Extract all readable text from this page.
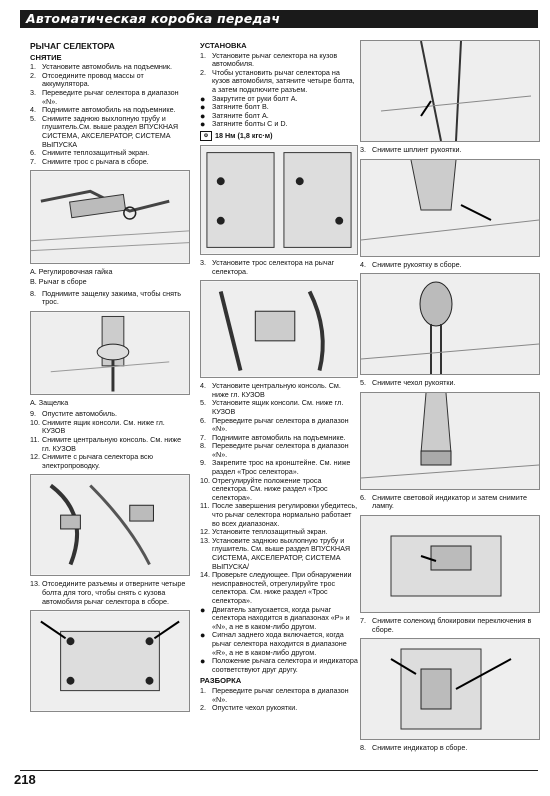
Автоматическая коробка передач
РЫЧАГ СЕЛЕКТОРА
СНЯТИЕ
1. Установите автомобиль на подъемник.
2. Отсоедините провод массы от аккумулятора.
3. Переведите рычаг селектора в диапазон «N».
4. Поднимите автомобиль на подъемнике.
5. Снимите заднюю выхлопную трубу и глушитель.См. выше раздел ВПУСКНАЯ СИСТЕМА, АКСЕЛЕРАТОР, СИСТЕМА ВЫПУСКА
6. Снимите теплозащитный экран.
7. Снимите трос с рычага в сборе.
A. Регулировочная гайка
B. Рычаг в сборе
8. Поднимите защелку зажима, чтобы снять трос.
A. Защелка
9. Опустите автомобиль.
10. Снимите ящик консоли. См. ниже гл. КУЗОВ
11. Снимите центральную консоль. См. ниже гл. КУЗОВ
12. Снимите с рычага селектора всю электропроводку.
13. Отсоедините разъемы и отверните четыре болта для того, чтобы снять с кузова автомобиля рычаг селектора в сборе.
УСТАНОВКА
1. Установите рычаг селектора на кузов автомобиля.
2. Чтобы установить рычаг селектора на кузов автомобиля, затяните четыре болта, а затем подключите разъем.
● Закрутите от руки болт A.
● Затяните болт B.
● Затяните болт A.
● Затяните болты C и D.
⚙ 18 Нм (1,8 кгс·м)
3. Установите трос селектора на рычаг селектора.
4. Установите центральную консоль. См. ниже гл. КУЗОВ
5. Установите ящик консоли. См. ниже гл. КУЗОВ
6. Переведите рычаг селектора в диапазон «N».
7. Поднимите автомобиль на подъемнике.
8. Переведите рычаг селектора в диапазон «N».
9. Закрепите трос на кронштейне. См. ниже раздел «Трос селектора».
10. Отрегулируйте положение троса селектора. См. ниже раздел «Трос селектора».
11. После завершения регулировки убедитесь, что рычаг селектора нормально работает во всех диапазонах.
12. Установите теплозащитный экран.
13. Установите заднюю выхлопную трубу и глушитель. См. выше раздел ВПУСКНАЯ СИСТЕМА, АКСЕЛЕРАТОР, СИСТЕМА ВЫПУСКА/
14. Проверьте следующее. При обнаружении неисправностей, отрегулируйте трос селектора. См. ниже раздел «Трос селектора».
● Двигатель запускается, когда рычаг селектора находится в диапазонах «P» и «N», а не в каком-либо другом.
● Сигнал заднего хода включается, когда рычаг селектора находится в диапазоне «R», а не в каком-либо другом.
● Положение рычага селектора и индикатора соответствуют друг другу.
РАЗБОРКА
1. Переведите рычаг селектора в диапазон «N».
2. Опустите чехол рукоятки.
3. Снимите шплинт рукоятки.
4. Снимите рукоятку в сборе.
5. Снимите чехол рукоятки.
6. Снимите световой индикатор и затем снимите лампу.
7. Снимите соленоид блокировки переключения в сборе.
8. Снимите индикатор в сборе.
218
